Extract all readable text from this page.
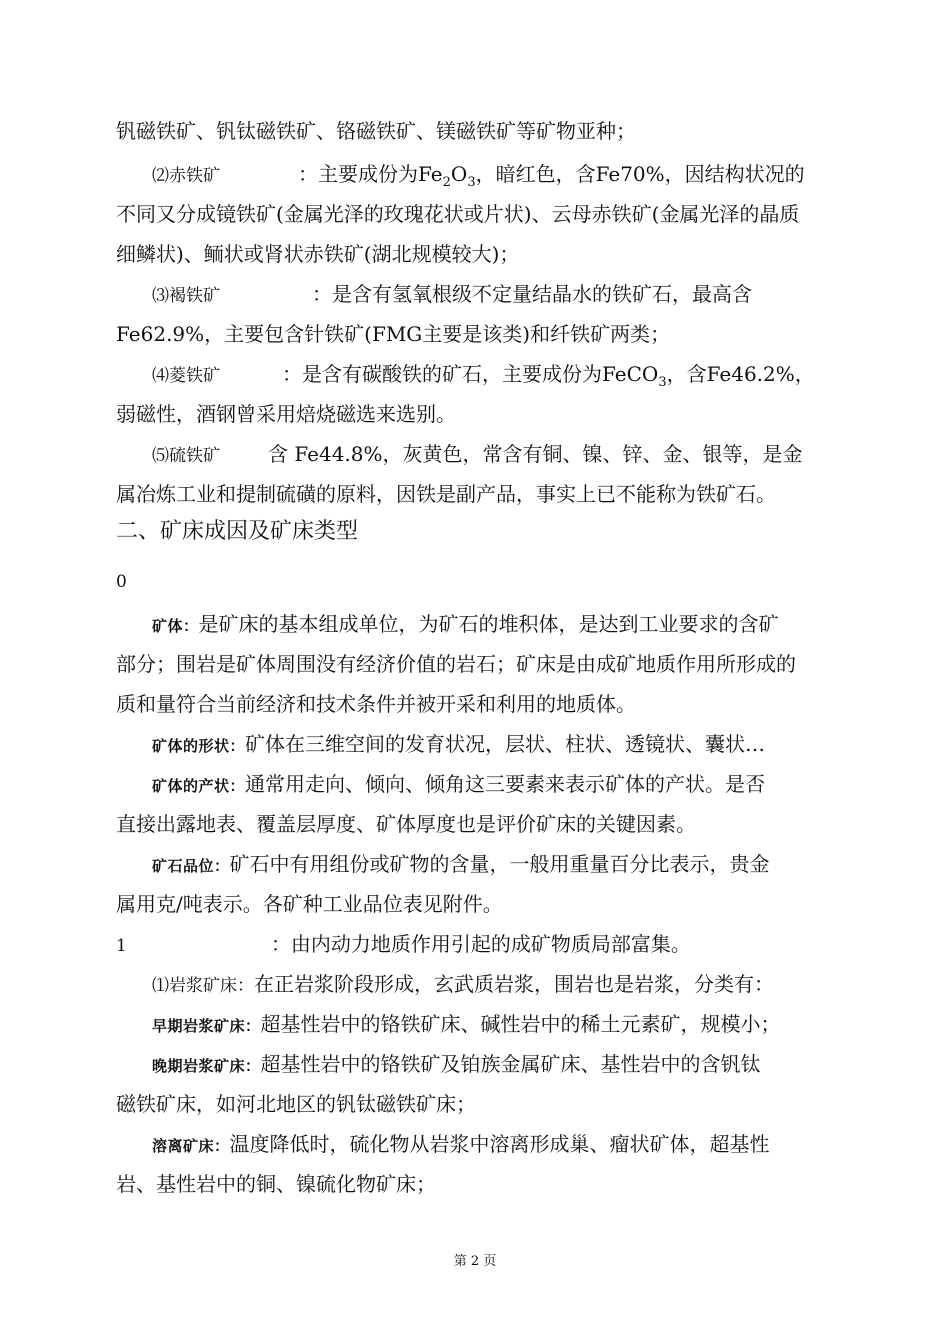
钒磁铁矿、钒钛磁铁矿、铬磁铁矿、镁磁铁矿等矿物亚种；
⑵赤铁矿	：主要成份为$Fe_2O_3$，暗红色，含Fe70%，因结构状况的
不同又分成镜铁矿(金属光泽的玫瑰花状或片状)、云母赤铁矿(金属光泽的晶质
细鳞状)、鲕状或肾状赤铁矿(湖北规模较大)；
⑶褐铁矿	：是含有氢氧根级不定量结晶水的铁矿石，最高含
Fe62.9%，主要包含针铁矿(FMG主要是该类)和纤铁矿两类；
⑷菱铁矿	：是含有碳酸铁的矿石，主要成份为FeCO$_3$，含Fe46.2%，
弱磁性，酒钢曾采用焙烧磁选来选别。
⑸硫铁矿 含 Fe44.8%，灰黄色，常含有铜、镍、锌、金、银等，是金
属冶炼工业和提制硫磺的原料，因铁是副产品，事实上已不能称为铁矿石。
二、矿床成因及矿床类型
0
矿体：是矿床的基本组成单位，为矿石的堆积体，是达到工业要求的含矿
部分；围岩是矿体周围没有经济价值的岩石；矿床是由成矿地质作用所形成的
质和量符合当前经济和技术条件并被开采和利用的地质体。
矿体的形状：矿体在三维空间的发育状况，层状、柱状、透镜状、囊状…
矿体的产状：通常用走向、倾向、倾角这三要素来表示矿体的产状。是否
直接出露地表、覆盖层厚度、矿体厚度也是评价矿床的关键因素。
矿石品位：矿石中有用组份或矿物的含量，一般用重量百分比表示，贵金
属用克/吨表示。各矿种工业品位表见附件。
1	：由内动力地质作用引起的成矿物质局部富集。
⑴岩浆矿床：在正岩浆阶段形成，玄武质岩浆，围岩也是岩浆，分类有：
早期岩浆矿床：超基性岩中的铬铁矿床、碱性岩中的稀土元素矿，规模小；
晚期岩浆矿床：超基性岩中的铬铁矿及铂族金属矿床、基性岩中的含钒钛
磁铁矿床，如河北地区的钒钛磁铁矿床；
溶离矿床：温度降低时，硫化物从岩浆中溶离形成巢、瘤状矿体，超基性
岩、基性岩中的铜、镍硫化物矿床；
第 2 页
